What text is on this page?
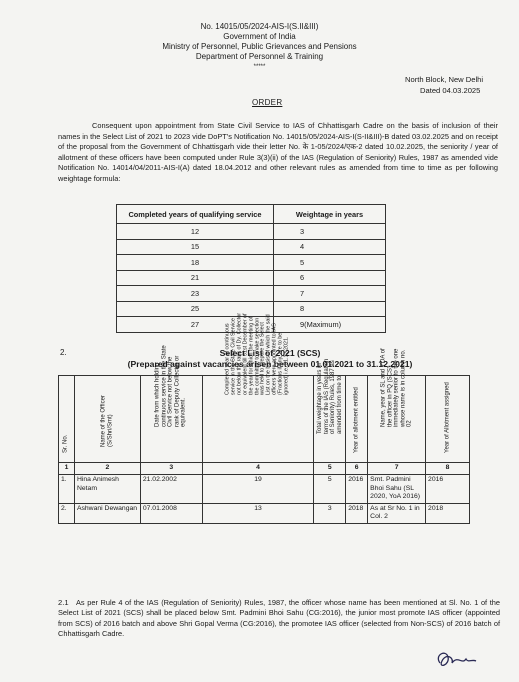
No. 14015/05/2024-AIS-I(S.II&III)
Government of India
Ministry of Personnel, Public Grievances and Pensions
Department of Personnel & Training
*****
North Block, New Delhi
Dated 04.03.2025
ORDER
Consequent upon appointment from State Civil Service to IAS of Chhattisgarh Cadre on the basis of inclusion of their names in the Select List of 2021 to 2023 vide DoPT's Notification No. 14015/05/2024-AIS-I(S-II&III)-B dated 03.02.2025 and on receipt of the proposal from the Government of Chhattisgarh vide their letter No. के 1-05/2024/एक-2 dated 10.02.2025, the seniority / year of allotment of these officers have been computed under Rule 3(3)(ii) of the IAS (Regulation of Seniority) Rules, 1987 as amended vide Notification No. 14014/04/2011-AIS-I(A) dated 18.04.2012 and other relevant rules as amended from time to time as per following weightage formula:
Completed years of qualifying service	Weightage in years
12	3
15	4
18	5
21	6
23	7
25	8
27	9(Maximum)
2.	Select List of 2021 (SCS)
(Prepared against vacancies arisen between 01.01.2021 to 31.12.2021)
Sr. No.	Name of the Officer (S/Shri/Smt)	Date from which holding continuous service in the State Civil Service not below the rank of Deputy Collector or equivalent.	Completed year of continuous service in the State Civil Service not below the rank of Dy. Collector or equivalent till 31st December of the year for which the meeting of the committee to make selection was held to prepare the Select List on the basis of which the said officers were appointed to IAS (Fractions if any, are to be ignored) i.e. 31.12.2021.	Total weightage in years in terms of the IAS (Regulation of Seniority) Rules, 1987 as amended from time to	Year of allotment entitled	Name, year of SL and YOA of the officer in PQ (SCS), immediately senior to the one whose name is in column no. 02	Year of Allotment assigned

1	2	3	4	5	6	7	8
1.	Hina Animesh Netam	21.02.2002	19	5	2016	Smt. Padmini Bhoi Sahu (SL 2020, YoA 2016)	2016
2.	Ashwani Dewangan	07.01.2008	13	3	2018	As at Sr No. 1 in Col. 2	2018
2.1	As per Rule 4 of the IAS (Regulation of Seniority) Rules, 1987, the officer whose name has been mentioned at Sl. No. 1 of the Select List of 2021 (SCS) shall be placed below Smt. Padmini Bhoi Sahu (CG:2016), the junior most promote IAS officer (appointed from SCS) of 2016 batch and above Shri Gopal Verma (CG:2016), the promotee IAS officer (selected from Non-SCS) of 2016 batch of Chhattisgarh Cadre.
